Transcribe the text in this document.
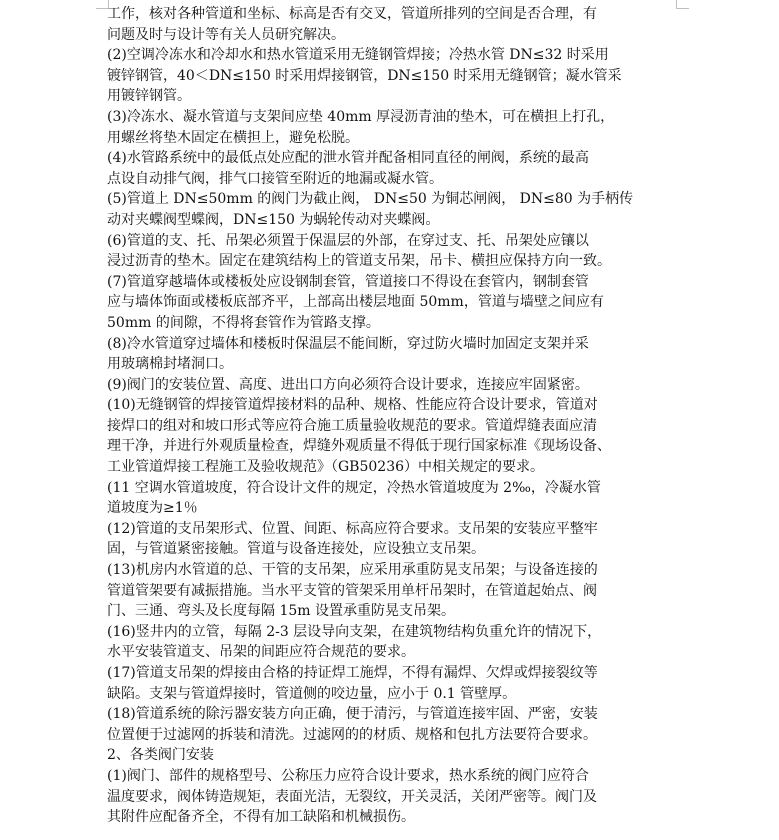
工作，核对各种管道和坐标、标高是否有交叉，管道所排列的空间是否合理，有
问题及时与设计等有关人员研究解决。
(2)空调冷冻水和冷却水和热水管道采用无缝钢管焊接；冷热水管 DN≤32 时采用
镀锌钢管，40＜DN≤150 时采用焊接钢管，DN≤150 时采用无缝钢管；凝水管采
用镀锌钢管。
(3)冷冻水、凝水管道与支架间应垫 40mm 厚浸沥青油的垫木，可在横担上打孔，
用螺丝将垫木固定在横担上，避免松脱。
(4)水管路系统中的最低点处应配的泄水管并配备相同直径的闸阀，系统的最高
点设自动排气阀，排气口接管至附近的地漏或凝水管。
(5)管道上 DN≤50mm 的阀门为截止阀， DN≤50 为铜芯闸阀， DN≤80 为手柄传
动对夹蝶阀型蝶阀，DN≤150 为蜗轮传动对夹蝶阀。
(6)管道的支、托、吊架必须置于保温层的外部，在穿过支、托、吊架处应镶以
浸过沥青的垫木。固定在建筑结构上的管道支吊架，吊卡、横担应保持方向一致。
(7)管道穿越墙体或楼板处应设钢制套管，管道接口不得设在套管内，钢制套管
应与墙体饰面或楼板底部齐平，上部高出楼层地面 50mm，管道与墙壁之间应有
50mm 的间隙，不得将套管作为管路支撑。
(8)冷水管道穿过墙体和楼板时保温层不能间断，穿过防火墙时加固定支架并采
用玻璃棉封堵洞口。
(9)阀门的安装位置、高度、进出口方向必须符合设计要求，连接应牢固紧密。
(10)无缝钢管的焊接管道焊接材料的品种、规格、性能应符合设计要求，管道对
接焊口的组对和坡口形式等应符合施工质量验收规范的要求。管道焊缝表面应清
理干净，并进行外观质量检查，焊缝外观质量不得低于现行国家标准《现场设备、
工业管道焊接工程施工及验收规范》（GB50236）中相关规定的要求。
(11 空调水管道坡度，符合设计文件的规定，冷热水管道坡度为 2‰，冷凝水管
道坡度为≥1％
(12)管道的支吊架形式、位置、间距、标高应符合要求。支吊架的安装应平整牢
固，与管道紧密接触。管道与设备连接处，应设独立支吊架。
(13)机房内水管道的总、干管的支吊架，应采用承重防晃支吊架；与设备连接的
管道管架要有减振措施。当水平支管的管架采用单杆吊架时，在管道起始点、阀
门、三通、弯头及长度每隔 15m 设置承重防晃支吊架。
(16)竖井内的立管，每隔 2-3 层设导向支架，在建筑物结构负重允许的情况下，
水平安装管道支、吊架的间距应符合规范的要求。
(17)管道支吊架的焊接由合格的持证焊工施焊，不得有漏焊、欠焊或焊接裂纹等
缺陷。支架与管道焊接时，管道侧的咬边量，应小于 0.1 管壁厚。
(18)管道系统的除污器安装方向正确，便于清污，与管道连接牢固、严密，安装
位置便于过滤网的拆装和清洗。过滤网的的材质、规格和包扎方法要符合要求。
2、各类阀门安装
(1)阀门、部件的规格型号、公称压力应符合设计要求，热水系统的阀门应符合
温度要求，阀体铸造规矩，表面光洁，无裂纹，开关灵活，关闭严密等。阀门及
其附件应配备齐全，不得有加工缺陷和机械损伤。
